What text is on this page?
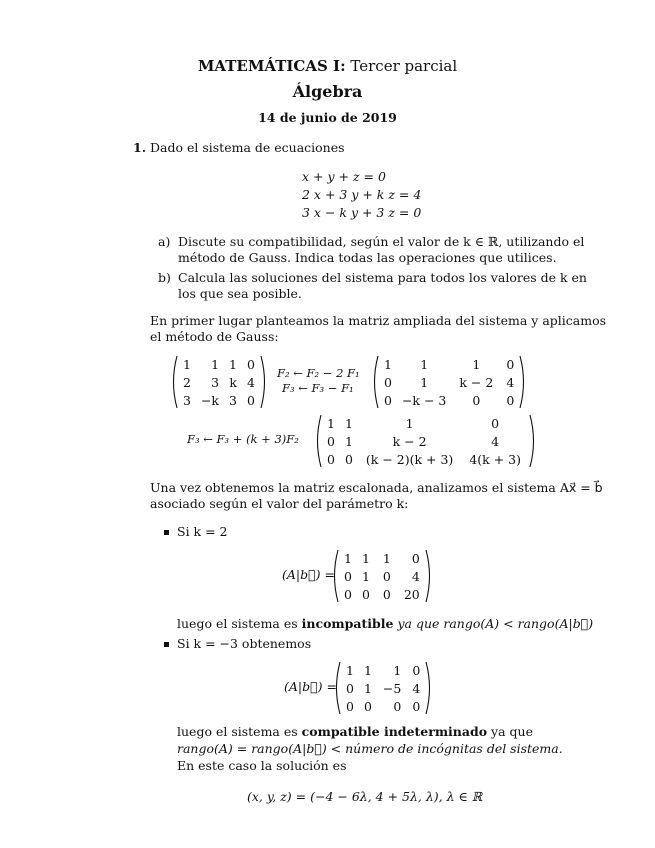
MATEMÁTICAS I: Tercer parcial
Álgebra
14 de junio de 2019
1. Dado el sistema de ecuaciones
x + y + z = 0
2 x + 3 y + k z = 4
3 x − k y + 3 z = 0
a) Discute su compatibilidad, según el valor de k ∈ ℝ, utilizando el
método de Gauss. Indica todas las operaciones que utilices.
b) Calcula las soluciones del sistema para todos los valores de k en
los que sea posible.
En primer lugar planteamos la matriz ampliada del sistema y aplicamos
el método de Gauss:
1	1	1	0
2	3	k	4
3	−k	3	0
F₂ ← F₂ − 2 F₁
F₃ ← F₃ − F₁
1	1	1	0
0	1	k − 2	4
0	−k − 3	0	0
F₃ ← F₃ + (k + 3)F₂
1	1	1	0
0	1	k − 2	4
0	0	(k − 2)(k + 3)	4(k + 3)
Una vez obtenemos la matriz escalonada, analizamos el sistema Ax⃗ = b⃗
asociado según el valor del parámetro k:
Si k = 2
(A|b⃗) =
1	1	1	0
0	1	0	4
0	0	0	20
luego el sistema es incompatible ya que rango(A) < rango(A|b⃗)
Si k = −3 obtenemos
(A|b⃗) =
1	1	1	0
0	1	−5	4
0	0	0	0
luego el sistema es compatible indeterminado ya que
rango(A) = rango(A|b⃗) < número de incógnitas del sistema.
En este caso la solución es
(x, y, z) = (−4 − 6λ, 4 + 5λ, λ), λ ∈ ℝ
